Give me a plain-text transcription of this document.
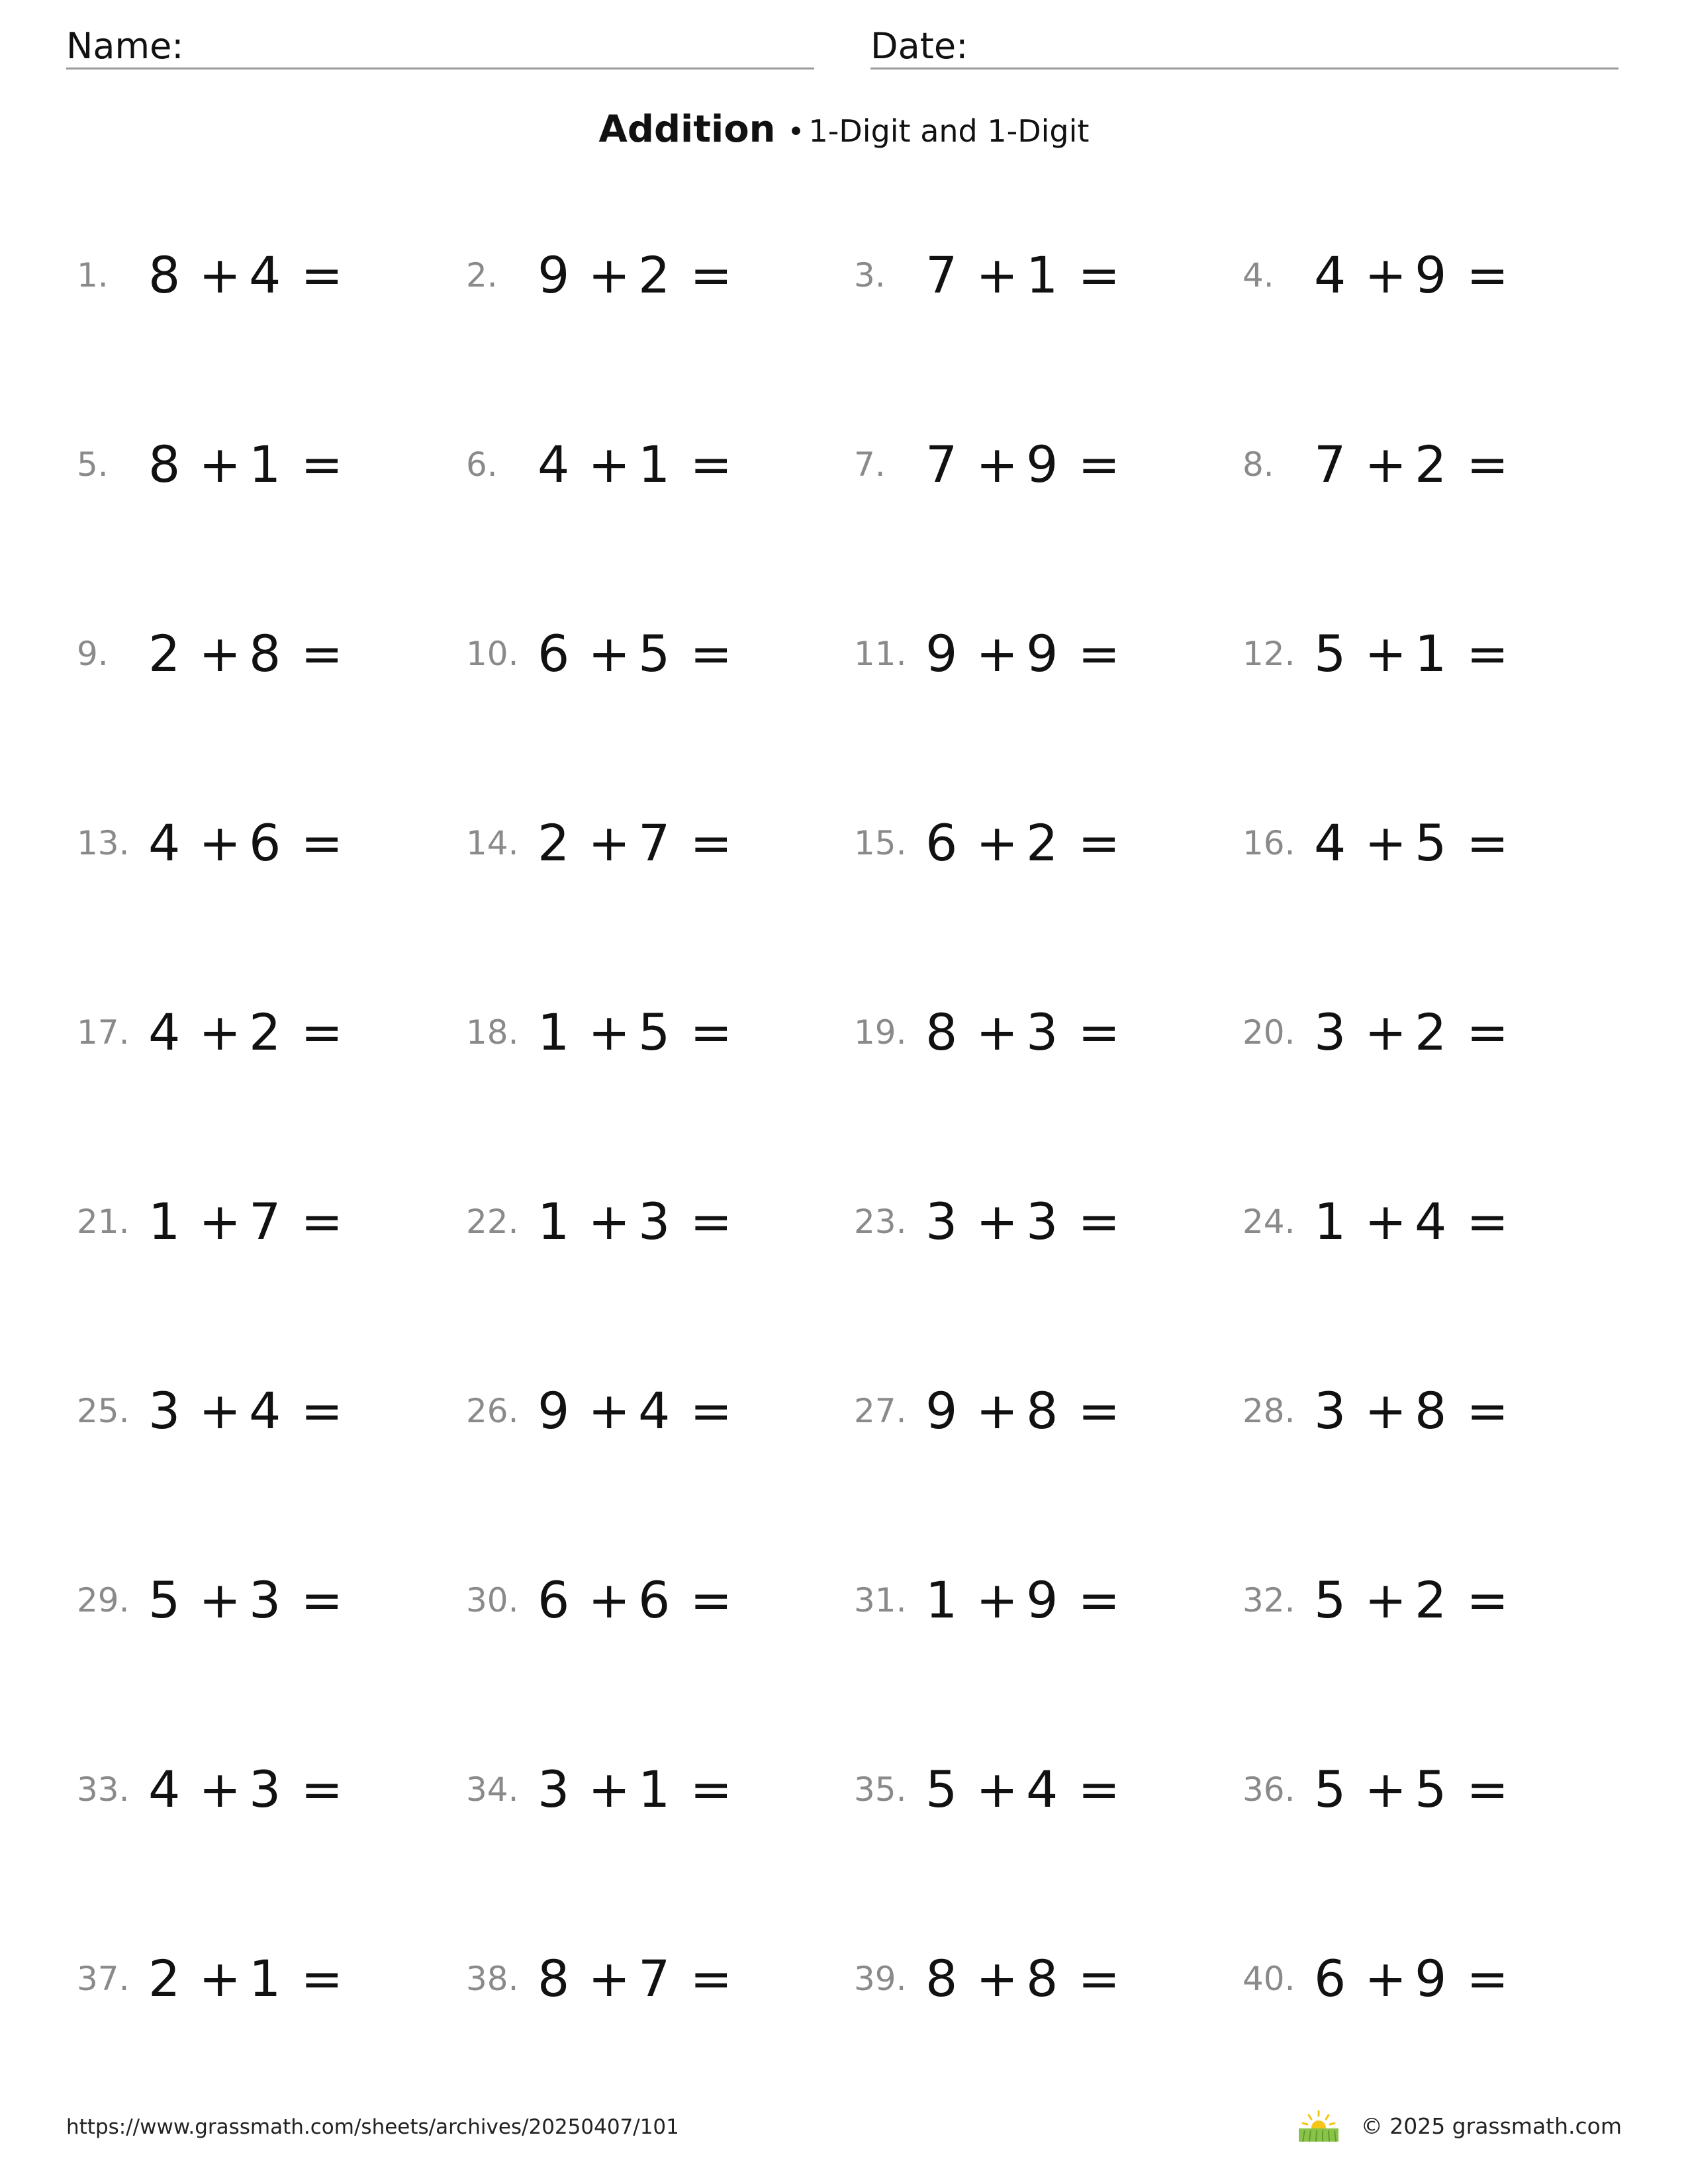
Name:	Date:
Addition • 1-Digit and 1-Digit
1. 8 + 4 =	2. 9 + 2 =	3. 7 + 1 =	4. 4 + 9 =
5. 8 + 1 =	6. 4 + 1 =	7. 7 + 9 =	8. 7 + 2 =
9. 2 + 8 =	10. 6 + 5 =	11. 9 + 9 =	12. 5 + 1 =
13. 4 + 6 =	14. 2 + 7 =	15. 6 + 2 =	16. 4 + 5 =
17. 4 + 2 =	18. 1 + 5 =	19. 8 + 3 =	20. 3 + 2 =
21. 1 + 7 =	22. 1 + 3 =	23. 3 + 3 =	24. 1 + 4 =
25. 3 + 4 =	26. 9 + 4 =	27. 9 + 8 =	28. 3 + 8 =
29. 5 + 3 =	30. 6 + 6 =	31. 1 + 9 =	32. 5 + 2 =
33. 4 + 3 =	34. 3 + 1 =	35. 5 + 4 =	36. 5 + 5 =
37. 2 + 1 =	38. 8 + 7 =	39. 8 + 8 =	40. 6 + 9 =
https://www.grassmath.com/sheets/archives/20250407/101	© 2025 grassmath.com
